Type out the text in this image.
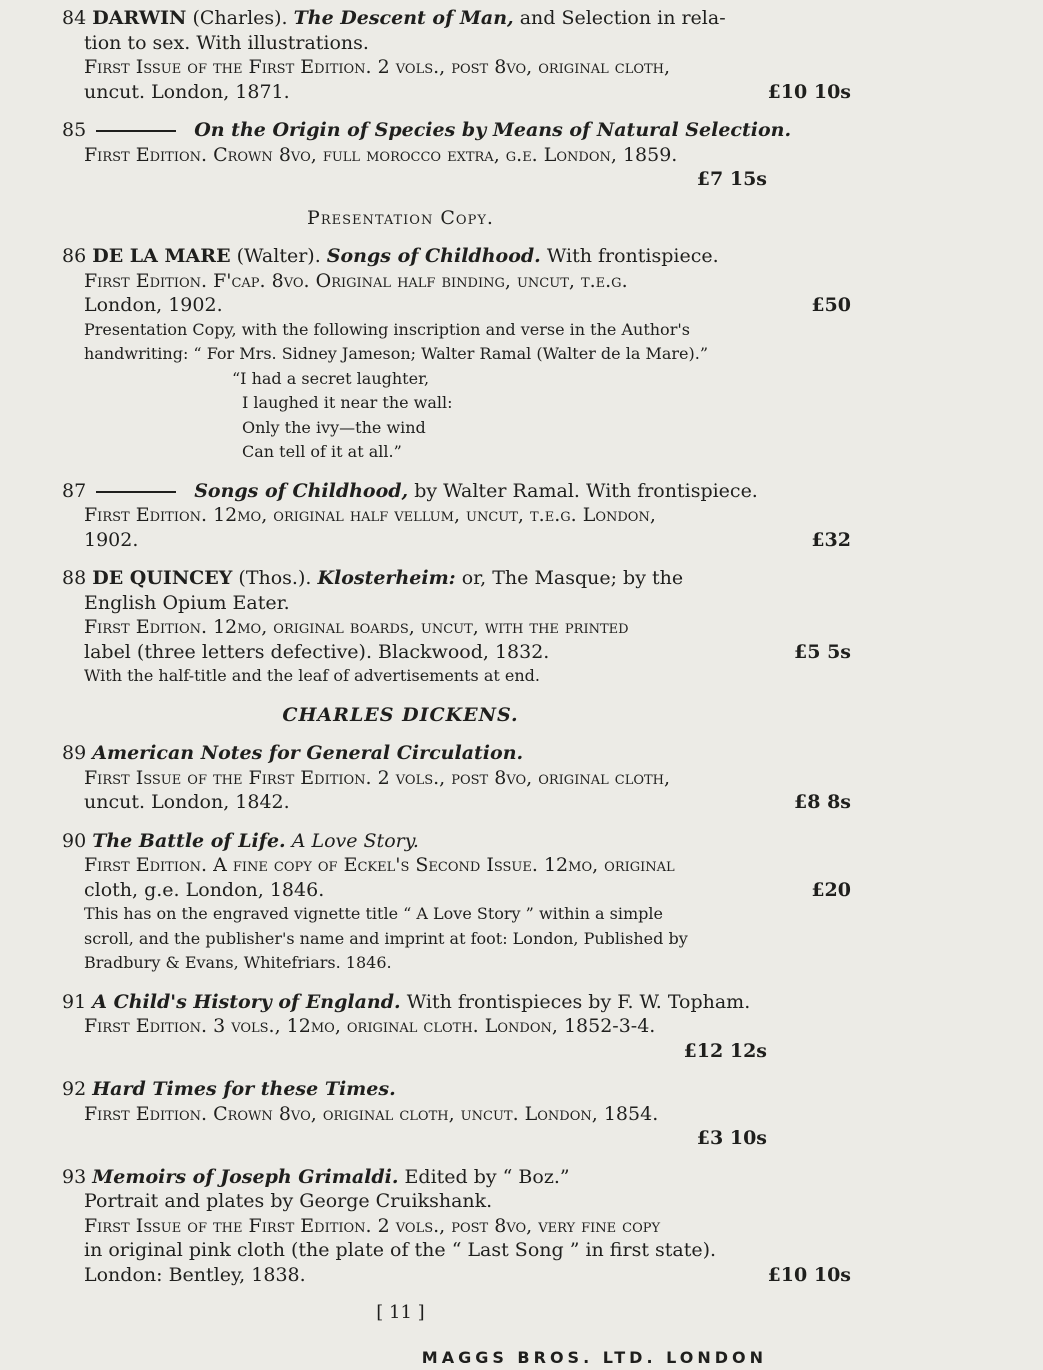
84 DARWIN (Charles). The Descent of Man, and Selection in rela-
tion to sex. With illustrations.
First Issue of the First Edition. 2 vols., post 8vo, original cloth,
uncut. London, 1871.	£10 10s
85	On the Origin of Species by Means of Natural Selection.
First Edition. Crown 8vo, full morocco extra, g.e. London, 1859.
£7 15s
Presentation Copy.
86 DE LA MARE (Walter). Songs of Childhood. With frontispiece.
First Edition. F'cap. 8vo. Original half binding, uncut, t.e.g.
London, 1902.	£50
Presentation Copy, with the following inscription and verse in the Author's
handwriting: “ For Mrs. Sidney Jameson; Walter Ramal (Walter de la Mare).”
“I had a secret laughter,
I laughed it near the wall:
Only the ivy—the wind
Can tell of it at all.”
87	Songs of Childhood, by Walter Ramal. With frontispiece.
First Edition. 12mo, original half vellum, uncut, t.e.g. London,
1902.	£32
88 DE QUINCEY (Thos.). Klosterheim: or, The Masque; by the
English Opium Eater.
First Edition. 12mo, original boards, uncut, with the printed
label (three letters defective). Blackwood, 1832.	£5 5s
With the half-title and the leaf of advertisements at end.
CHARLES DICKENS.
89 American Notes for General Circulation.
First Issue of the First Edition. 2 vols., post 8vo, original cloth,
uncut. London, 1842.	£8 8s
90 The Battle of Life. A Love Story.
First Edition. A fine copy of Eckel's Second Issue. 12mo, original
cloth, g.e. London, 1846.	£20
This has on the engraved vignette title “ A Love Story ” within a simple
scroll, and the publisher's name and imprint at foot: London, Published by
Bradbury & Evans, Whitefriars. 1846.
91 A Child's History of England. With frontispieces by F. W. Topham.
First Edition. 3 vols., 12mo, original cloth. London, 1852-3-4.
£12 12s
92 Hard Times for these Times.
First Edition. Crown 8vo, original cloth, uncut. London, 1854.
£3 10s
93 Memoirs of Joseph Grimaldi. Edited by “ Boz.”
Portrait and plates by George Cruikshank.
First Issue of the First Edition. 2 vols., post 8vo, very fine copy
in original pink cloth (the plate of the “ Last Song ” in first state).
London: Bentley, 1838.	£10 10s
[ 11 ]
MAGGS BROS. LTD. LONDON
